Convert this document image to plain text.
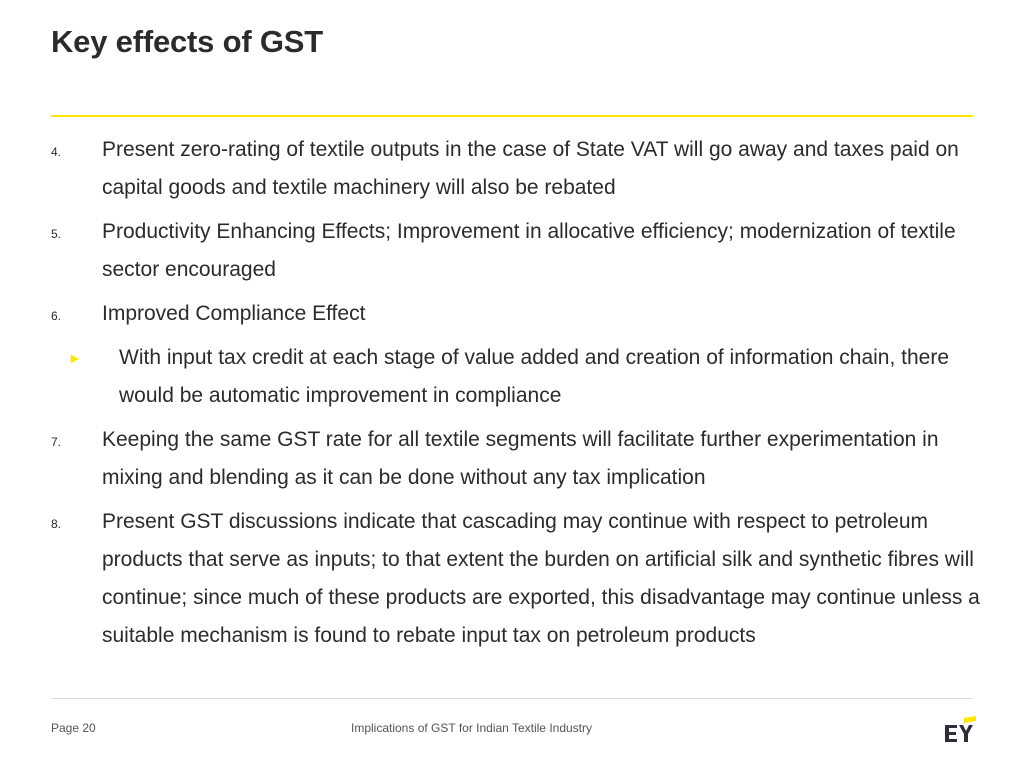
Key effects of GST
4. Present zero-rating of textile outputs in the case of State VAT will go away and taxes paid on capital goods and textile machinery will also be rebated
5. Productivity Enhancing Effects; Improvement in allocative efficiency; modernization of textile sector encouraged
6. Improved Compliance Effect
► With input tax credit at each stage of value added and creation of information chain, there would be automatic improvement in compliance
7. Keeping the same GST rate for all textile segments will facilitate further experimentation in mixing and blending as it can be done without any tax implication
8. Present GST discussions indicate that cascading may continue with respect to petroleum products that serve as inputs; to that extent the burden on artificial silk and synthetic fibres will continue; since much of these products are exported, this disadvantage may continue unless a suitable mechanism is found to rebate input tax on petroleum products
Page 20	Implications of GST for Indian Textile Industry
